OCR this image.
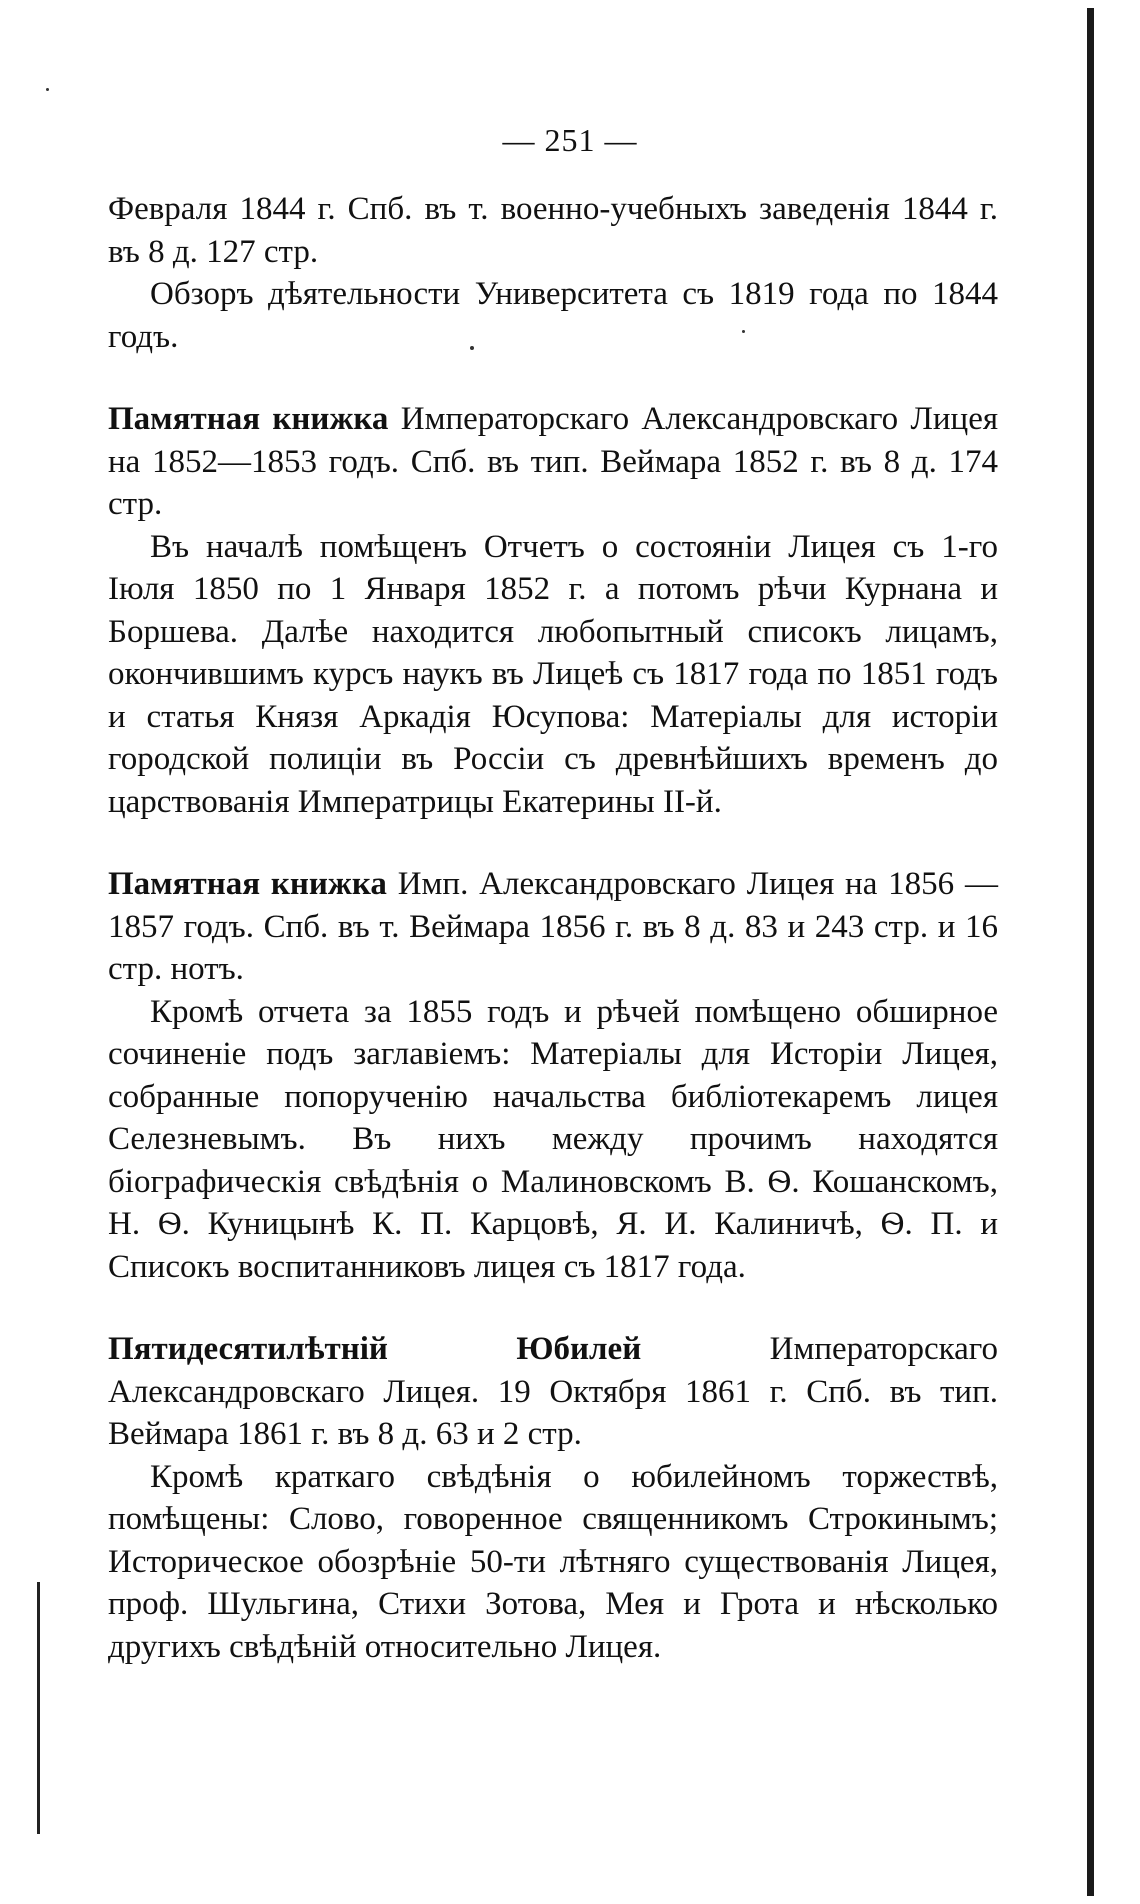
— 251 —

Февраля 1844 г. Спб. въ т. военно-учебныхъ заведенія 1844 г. въ 8 д. 127 стр.

Обзоръ дѣятельности Университета съ 1819 года по 1844 годъ.

Памятная книжка Императорскаго Александровскаго Лицея на 1852—1853 годъ. Спб. въ тип. Веймара 1852 г. въ 8 д. 174 стр.

Въ началѣ помѣщенъ Отчетъ о состояніи Лицея съ 1-го Іюля 1850 по 1 Января 1852 г. а потомъ рѣчи Курнана и Боршева. Далѣе находится любопытный списокъ лицамъ, окончившимъ курсъ наукъ въ Лицеѣ съ 1817 года по 1851 годъ и статья Князя Аркадія Юсупова: Матеріалы для исторіи городской полиціи въ Россіи съ древнѣйшихъ временъ до царствованія Императрицы Екатерины II-й.

Памятная книжка Имп. Александровскаго Лицея на 1856 — 1857 годъ. Спб. въ т. Веймара 1856 г. въ 8 д. 83 и 243 стр. и 16 стр. нотъ.

Кромѣ отчета за 1855 годъ и рѣчей помѣщено обширное сочиненіе подъ заглавіемъ: Матеріалы для Исторіи Лицея, собранные попорученію начальства библіотекаремъ лицея Селезневымъ. Въ нихъ между прочимъ находятся біографическія свѣдѣнія о Малиновскомъ В. Ѳ. Кошанскомъ, Н. Ѳ. Куницынѣ К. П. Карцовѣ, Я. И. Калиничѣ, Ѳ. П. и Списокъ воспитанниковъ лицея съ 1817 года.

Пятидесятилѣтній Юбилей	Императорскаго Александровскаго Лицея. 19 Октября 1861 г. Спб. въ тип. Веймара 1861 г. въ 8 д. 63 и 2 стр.

Кромѣ краткаго свѣдѣнія о юбилейномъ торжествѣ, помѣщены: Слово, говоренное священникомъ Строкинымъ; Историческое обозрѣніе 50-ти лѣтняго существованія Лицея, проф. Шульгина, Стихи Зотова, Мея и Грота и нѣсколько другихъ свѣдѣній относительно Лицея.
